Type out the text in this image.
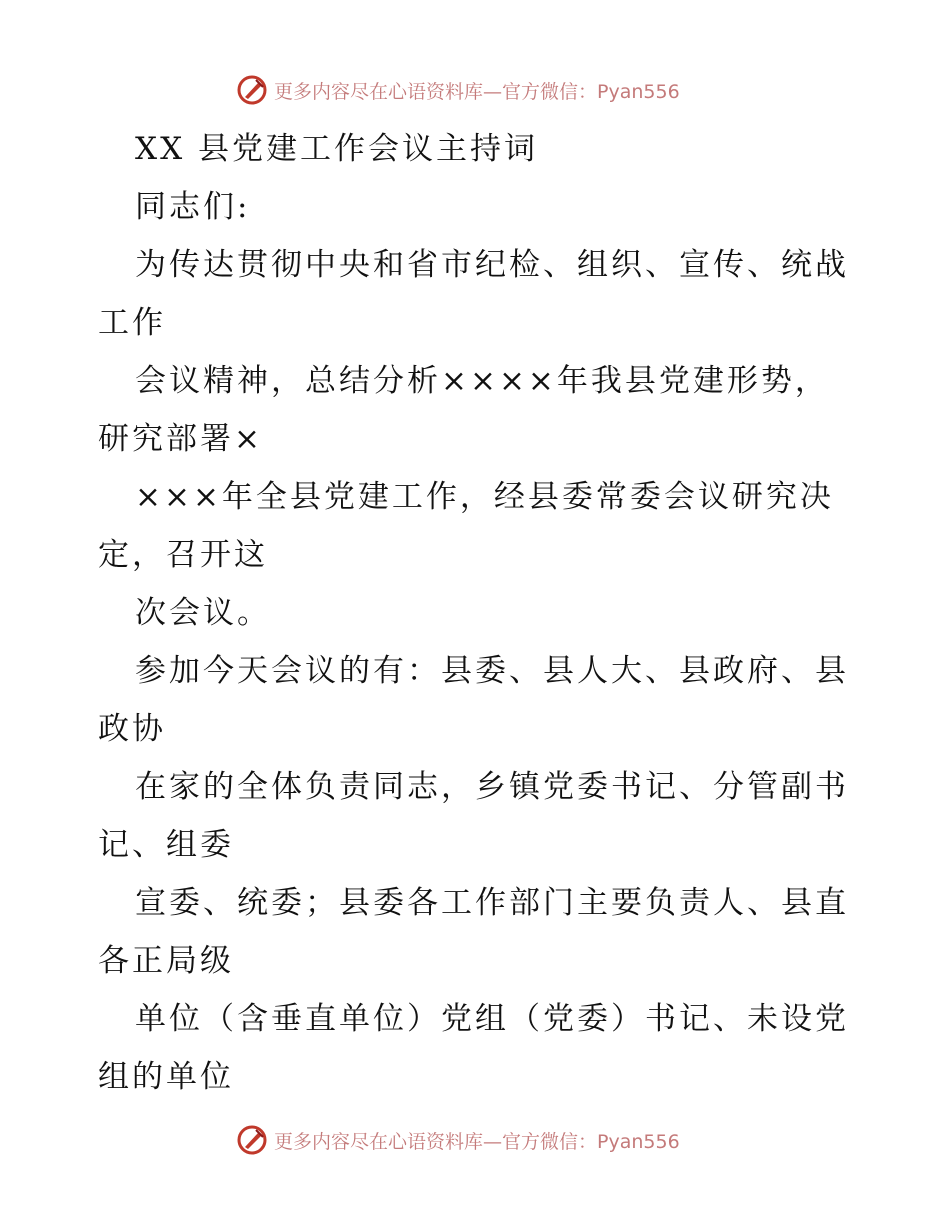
更多内容尽在心语资料库—官方微信：Pyan556
XX 县党建工作会议主持词
同志们:
为传达贯彻中央和省市纪检、组织、宣传、统战
工作
会议精神，总结分析××××年我县党建形势，
研究部署×
×××年全县党建工作，经县委常委会议研究决
定，召开这
次会议。
参加今天会议的有：县委、县人大、县政府、县
政协
在家的全体负责同志，乡镇党委书记、分管副书
记、组委
宣委、统委；县委各工作部门主要负责人、县直
各正局级
单位（含垂直单位）党组（党委）书记、未设党
组的单位
更多内容尽在心语资料库—官方微信：Pyan556
